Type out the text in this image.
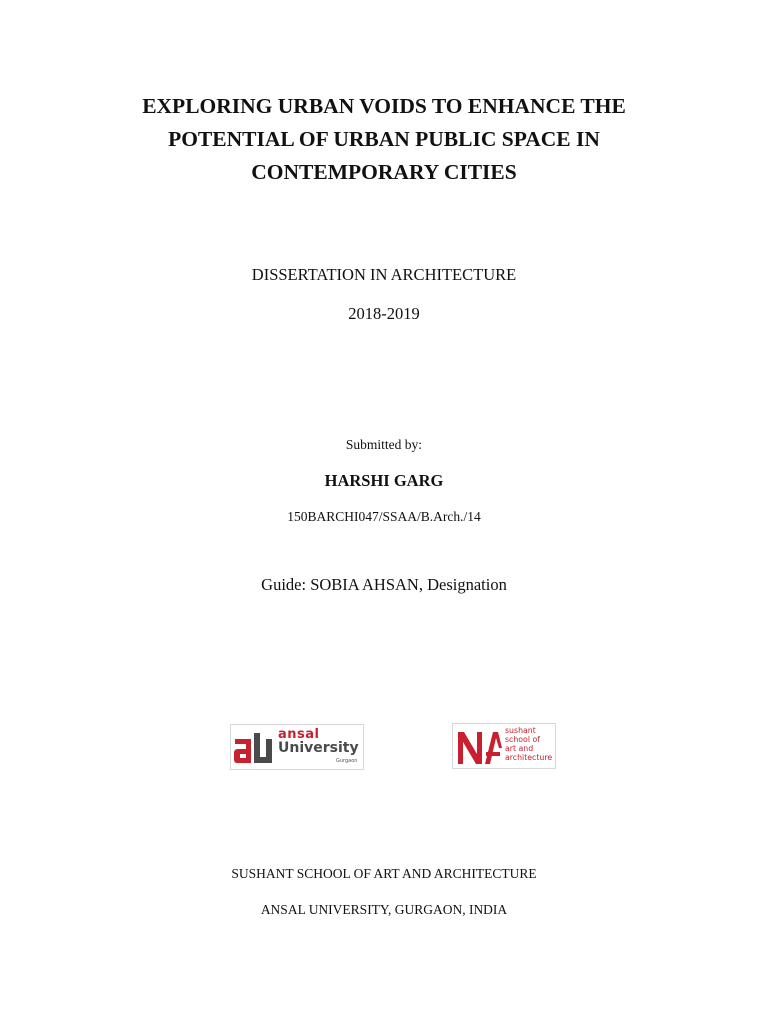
EXPLORING URBAN VOIDS TO ENHANCE THE
POTENTIAL OF URBAN PUBLIC SPACE IN
CONTEMPORARY CITIES
DISSERTATION IN ARCHITECTURE
2018-2019
Submitted by:
HARSHI GARG
150BARCHI047/SSAA/B.Arch./14
Guide: SOBIA AHSAN, Designation
ansal
University
Gurgaon
sushant
school of
art and
architecture
SUSHANT SCHOOL OF ART AND ARCHITECTURE
ANSAL UNIVERSITY, GURGAON, INDIA
